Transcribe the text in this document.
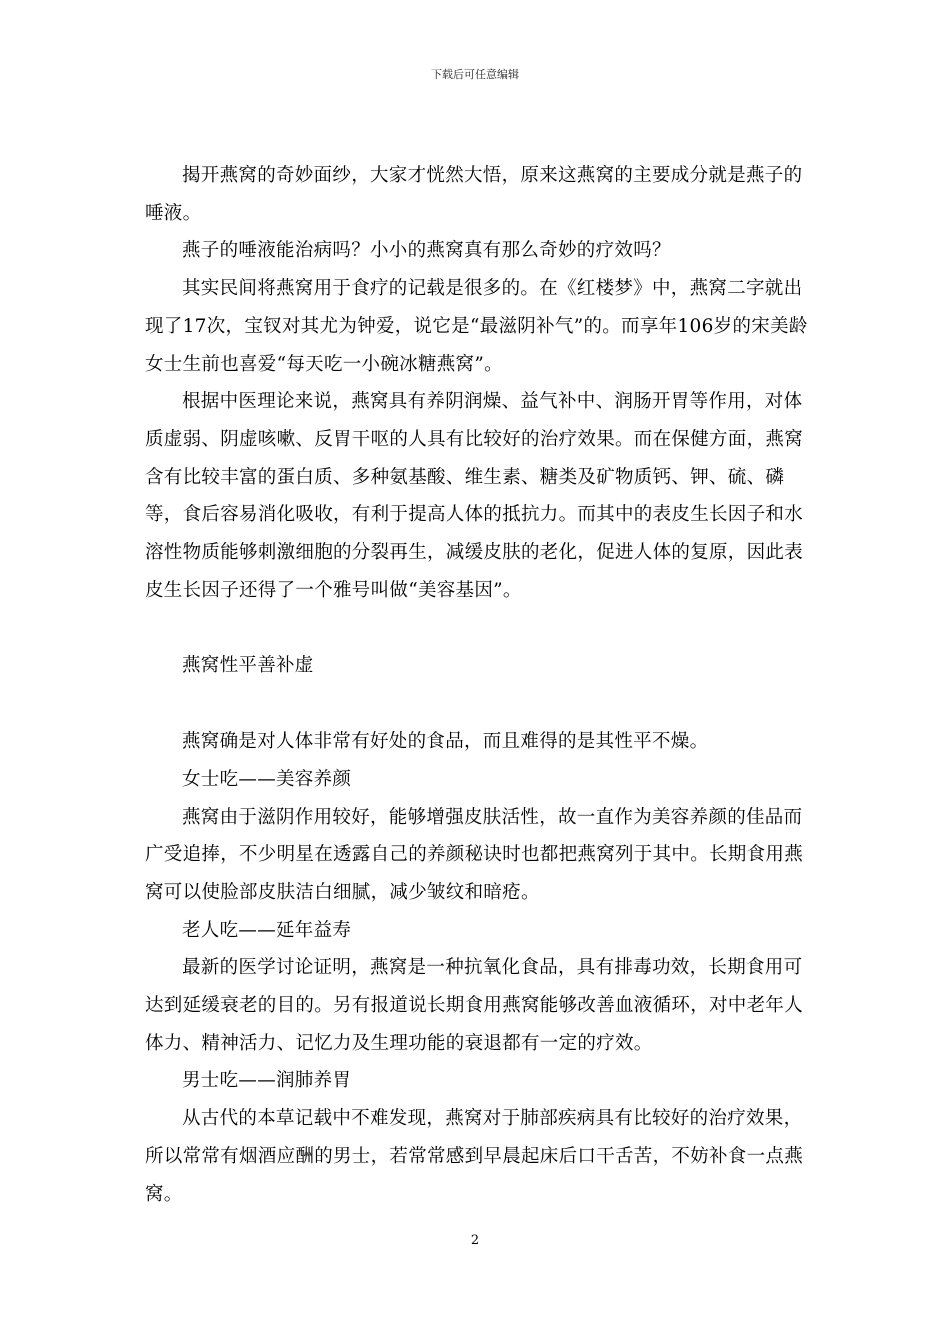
下载后可任意编辑

揭开燕窝的奇妙面纱，大家才恍然大悟，原来这燕窝的主要成分就是燕子的唾液。

燕子的唾液能治病吗？小小的燕窝真有那么奇妙的疗效吗？

其实民间将燕窝用于食疗的记载是很多的。在《红楼梦》中，燕窝二字就出现了17次，宝钗对其尤为钟爱，说它是“最滋阴补气”的。而享年106岁的宋美龄女士生前也喜爱“每天吃一小碗冰糖燕窝”。

根据中医理论来说，燕窝具有养阴润燥、益气补中、润肠开胃等作用，对体质虚弱、阴虚咳嗽、反胃干呕的人具有比较好的治疗效果。而在保健方面，燕窝含有比较丰富的蛋白质、多种氨基酸、维生素、糖类及矿物质钙、钾、硫、磷等，食后容易消化吸收，有利于提高人体的抵抗力。而其中的表皮生长因子和水溶性物质能够刺激细胞的分裂再生，减缓皮肤的老化，促进人体的复原，因此表皮生长因子还得了一个雅号叫做“美容基因”。

燕窝性平善补虚

燕窝确是对人体非常有好处的食品，而且难得的是其性平不燥。

女士吃——美容养颜

燕窝由于滋阴作用较好，能够增强皮肤活性，故一直作为美容养颜的佳品而广受追捧，不少明星在透露自己的养颜秘诀时也都把燕窝列于其中。长期食用燕窝可以使脸部皮肤洁白细腻，减少皱纹和暗疮。

老人吃——延年益寿

最新的医学讨论证明，燕窝是一种抗氧化食品，具有排毒功效，长期食用可达到延缓衰老的目的。另有报道说长期食用燕窝能够改善血液循环，对中老年人体力、精神活力、记忆力及生理功能的衰退都有一定的疗效。

男士吃——润肺养胃

从古代的本草记载中不难发现，燕窝对于肺部疾病具有比较好的治疗效果，所以常常有烟酒应酬的男士，若常常感到早晨起床后口干舌苦，不妨补食一点燕窝。

2
